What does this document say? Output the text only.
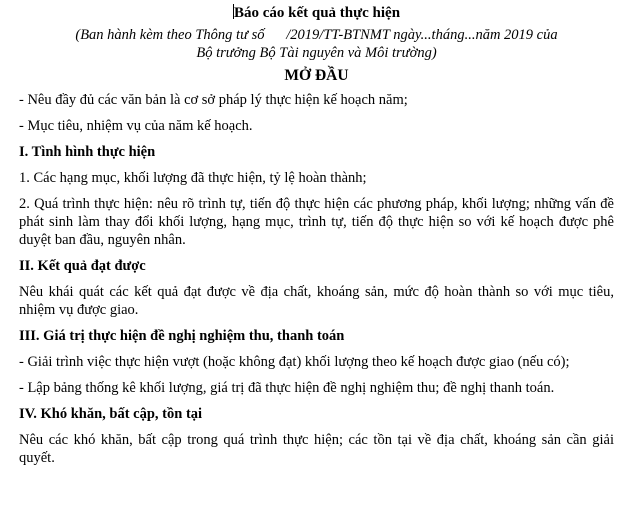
Báo cáo kết quả thực hiện
(Ban hành kèm theo Thông tư số      /2019/TT-BTNMT ngày...tháng...năm 2019 của
Bộ trưởng Bộ Tài nguyên và Môi trường)
MỞ ĐẦU
- Nêu đầy đủ các văn bản là cơ sở pháp lý thực hiện kế hoạch năm;
- Mục tiêu, nhiệm vụ của năm kế hoạch.
I. Tình hình thực hiện
1. Các hạng mục, khối lượng đã thực hiện, tỷ lệ hoàn thành;
2. Quá trình thực hiện: nêu rõ trình tự, tiến độ thực hiện các phương pháp, khối lượng; những vấn đề phát sinh làm thay đổi khối lượng, hạng mục, trình tự, tiến độ thực hiện so với kế hoạch được phê duyệt ban đầu, nguyên nhân.
II. Kết quả đạt được
Nêu khái quát các kết quả đạt được về địa chất, khoáng sản, mức độ hoàn thành so với mục tiêu, nhiệm vụ được giao.
III. Giá trị thực hiện đề nghị nghiệm thu, thanh toán
- Giải trình việc thực hiện vượt (hoặc không đạt) khối lượng theo kế hoạch được giao (nếu có);
- Lập bảng thống kê khối lượng, giá trị đã thực hiện đề nghị nghiệm thu; đề nghị thanh toán.
IV. Khó khăn, bất cập, tồn tại
Nêu các khó khăn, bất cập trong quá trình thực hiện; các tồn tại về địa chất, khoáng sản cần giải quyết.
